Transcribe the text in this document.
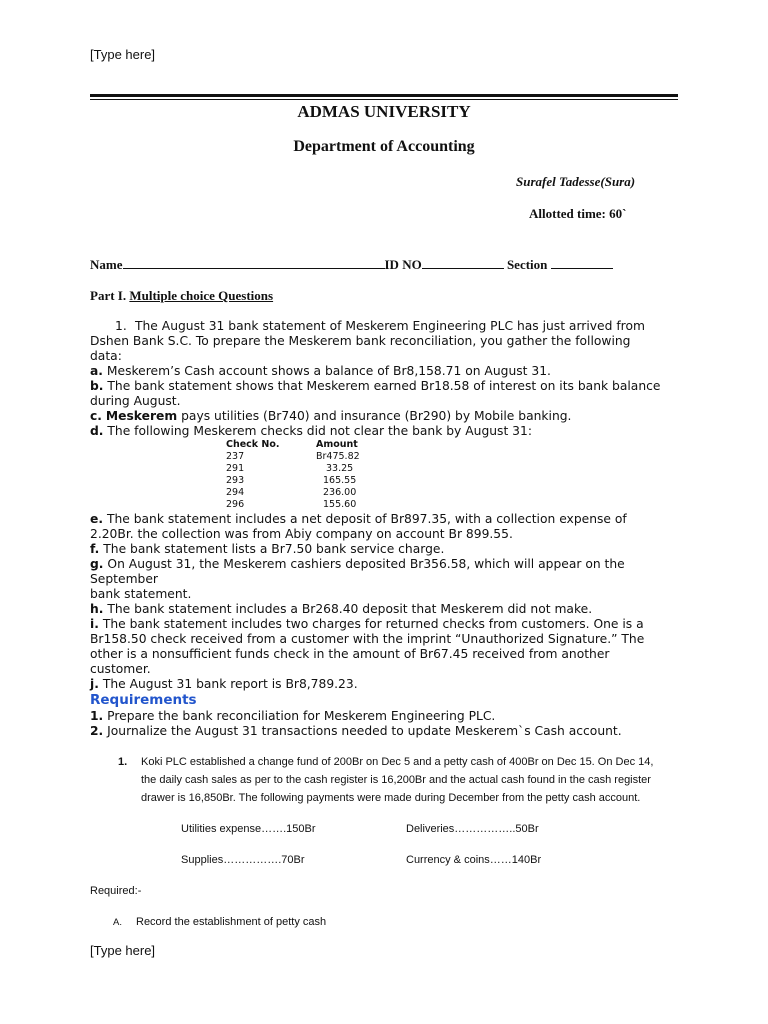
[Type here]
ADMAS UNIVERSITY
Department of Accounting
Surafel Tadesse(Sura)
Allotted time: 60`
Name	ID NO	Section
Part I. Multiple choice Questions
1. The August 31 bank statement of Meskerem Engineering PLC has just arrived from
Dshen Bank S.C. To prepare the Meskerem bank reconciliation, you gather the following
data:
a. Meskerem’s Cash account shows a balance of Br8,158.71 on August 31.
b. The bank statement shows that Meskerem earned Br18.58 of interest on its bank balance
during August.
c. Meskerem pays utilities (Br740) and insurance (Br290) by Mobile banking.
d. The following Meskerem checks did not clear the bank by August 31:
Check No.	Amount
237	Br475.82
291	33.25
293	165.55
294	236.00
296	155.60
e. The bank statement includes a net deposit of Br897.35, with a collection expense of
2.20Br. the collection was from Abiy company on account Br 899.55.
f. The bank statement lists a Br7.50 bank service charge.
g. On August 31, the Meskerem cashiers deposited Br356.58, which will appear on the
September
bank statement.
h. The bank statement includes a Br268.40 deposit that Meskerem did not make.
i. The bank statement includes two charges for returned checks from customers. One is a
Br158.50 check received from a customer with the imprint “Unauthorized Signature.” The
other is a nonsufficient funds check in the amount of Br67.45 received from another
customer.
j. The August 31 bank report is Br8,789.23.
Requirements
1. Prepare the bank reconciliation for Meskerem Engineering PLC.
2. Journalize the August 31 transactions needed to update Meskerem`s Cash account.
1. Koki PLC established a change fund of 200Br on Dec 5 and a petty cash of 400Br on Dec 15. On Dec 14,
the daily cash sales as per to the cash register is 16,200Br and the actual cash found in the cash register
drawer is 16,850Br. The following payments were made during December from the petty cash account.
Utilities expense…….150Br	Deliveries……………..50Br
Supplies…………….70Br	Currency & coins……140Br
Required:-
A. Record the establishment of petty cash
[Type here]
